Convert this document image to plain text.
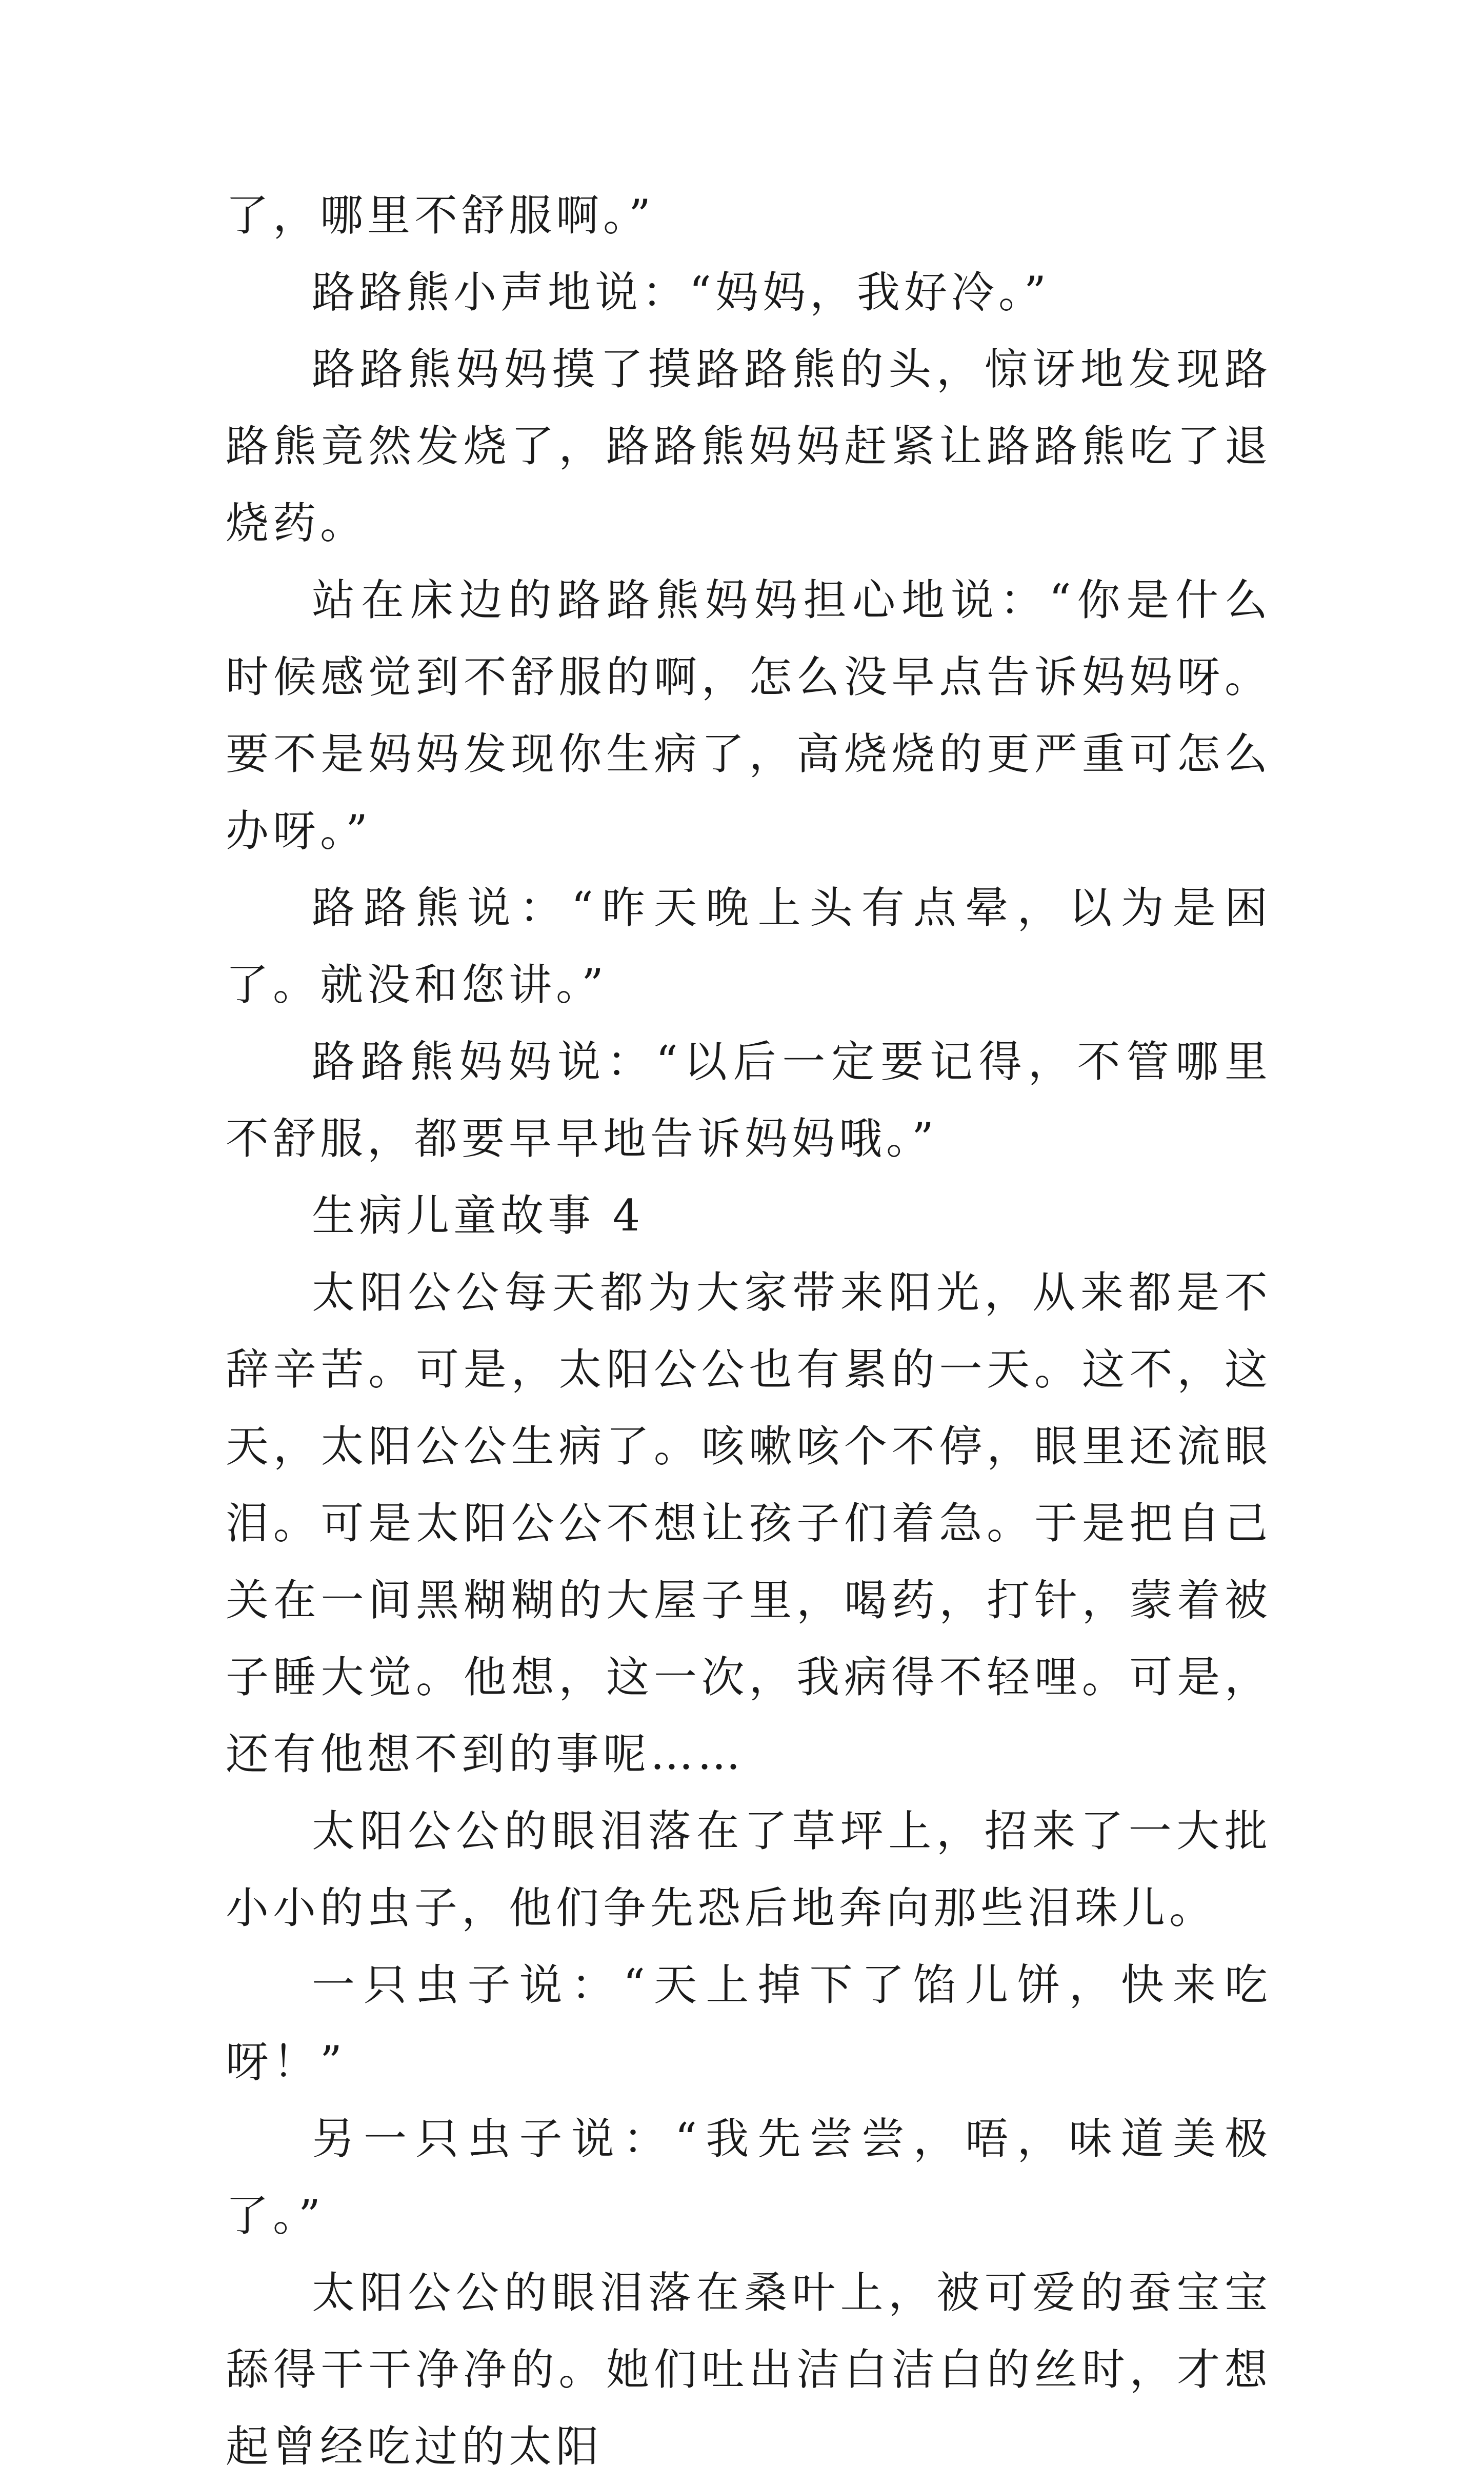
了，哪里不舒服啊。”

路路熊小声地说：“妈妈，我好冷。”

路路熊妈妈摸了摸路路熊的头，惊讶地发现路路熊竟然发烧了，路路熊妈妈赶紧让路路熊吃了退烧药。

站在床边的路路熊妈妈担心地说：“你是什么时候感觉到不舒服的啊，怎么没早点告诉妈妈呀。要不是妈妈发现你生病了，高烧烧的更严重可怎么办呀。”

路路熊说：“昨天晚上头有点晕，以为是困了。就没和您讲。”

路路熊妈妈说：“以后一定要记得，不管哪里不舒服，都要早早地告诉妈妈哦。”

生病儿童故事 4

太阳公公每天都为大家带来阳光，从来都是不辞辛苦。可是，太阳公公也有累的一天。这不，这天，太阳公公生病了。咳嗽咳个不停，眼里还流眼泪。可是太阳公公不想让孩子们着急。于是把自己关在一间黑糊糊的大屋子里，喝药，打针，蒙着被子睡大觉。他想，这一次，我病得不轻哩。可是，还有他想不到的事呢……

太阳公公的眼泪落在了草坪上，招来了一大批小小的虫子，他们争先恐后地奔向那些泪珠儿。

一只虫子说：“天上掉下了馅儿饼，快来吃呀！”

另一只虫子说：“我先尝尝，唔，味道美极了。”

太阳公公的眼泪落在桑叶上，被可爱的蚕宝宝舔得干干净净的。她们吐出洁白洁白的丝时，才想起曾经吃过的太阳
